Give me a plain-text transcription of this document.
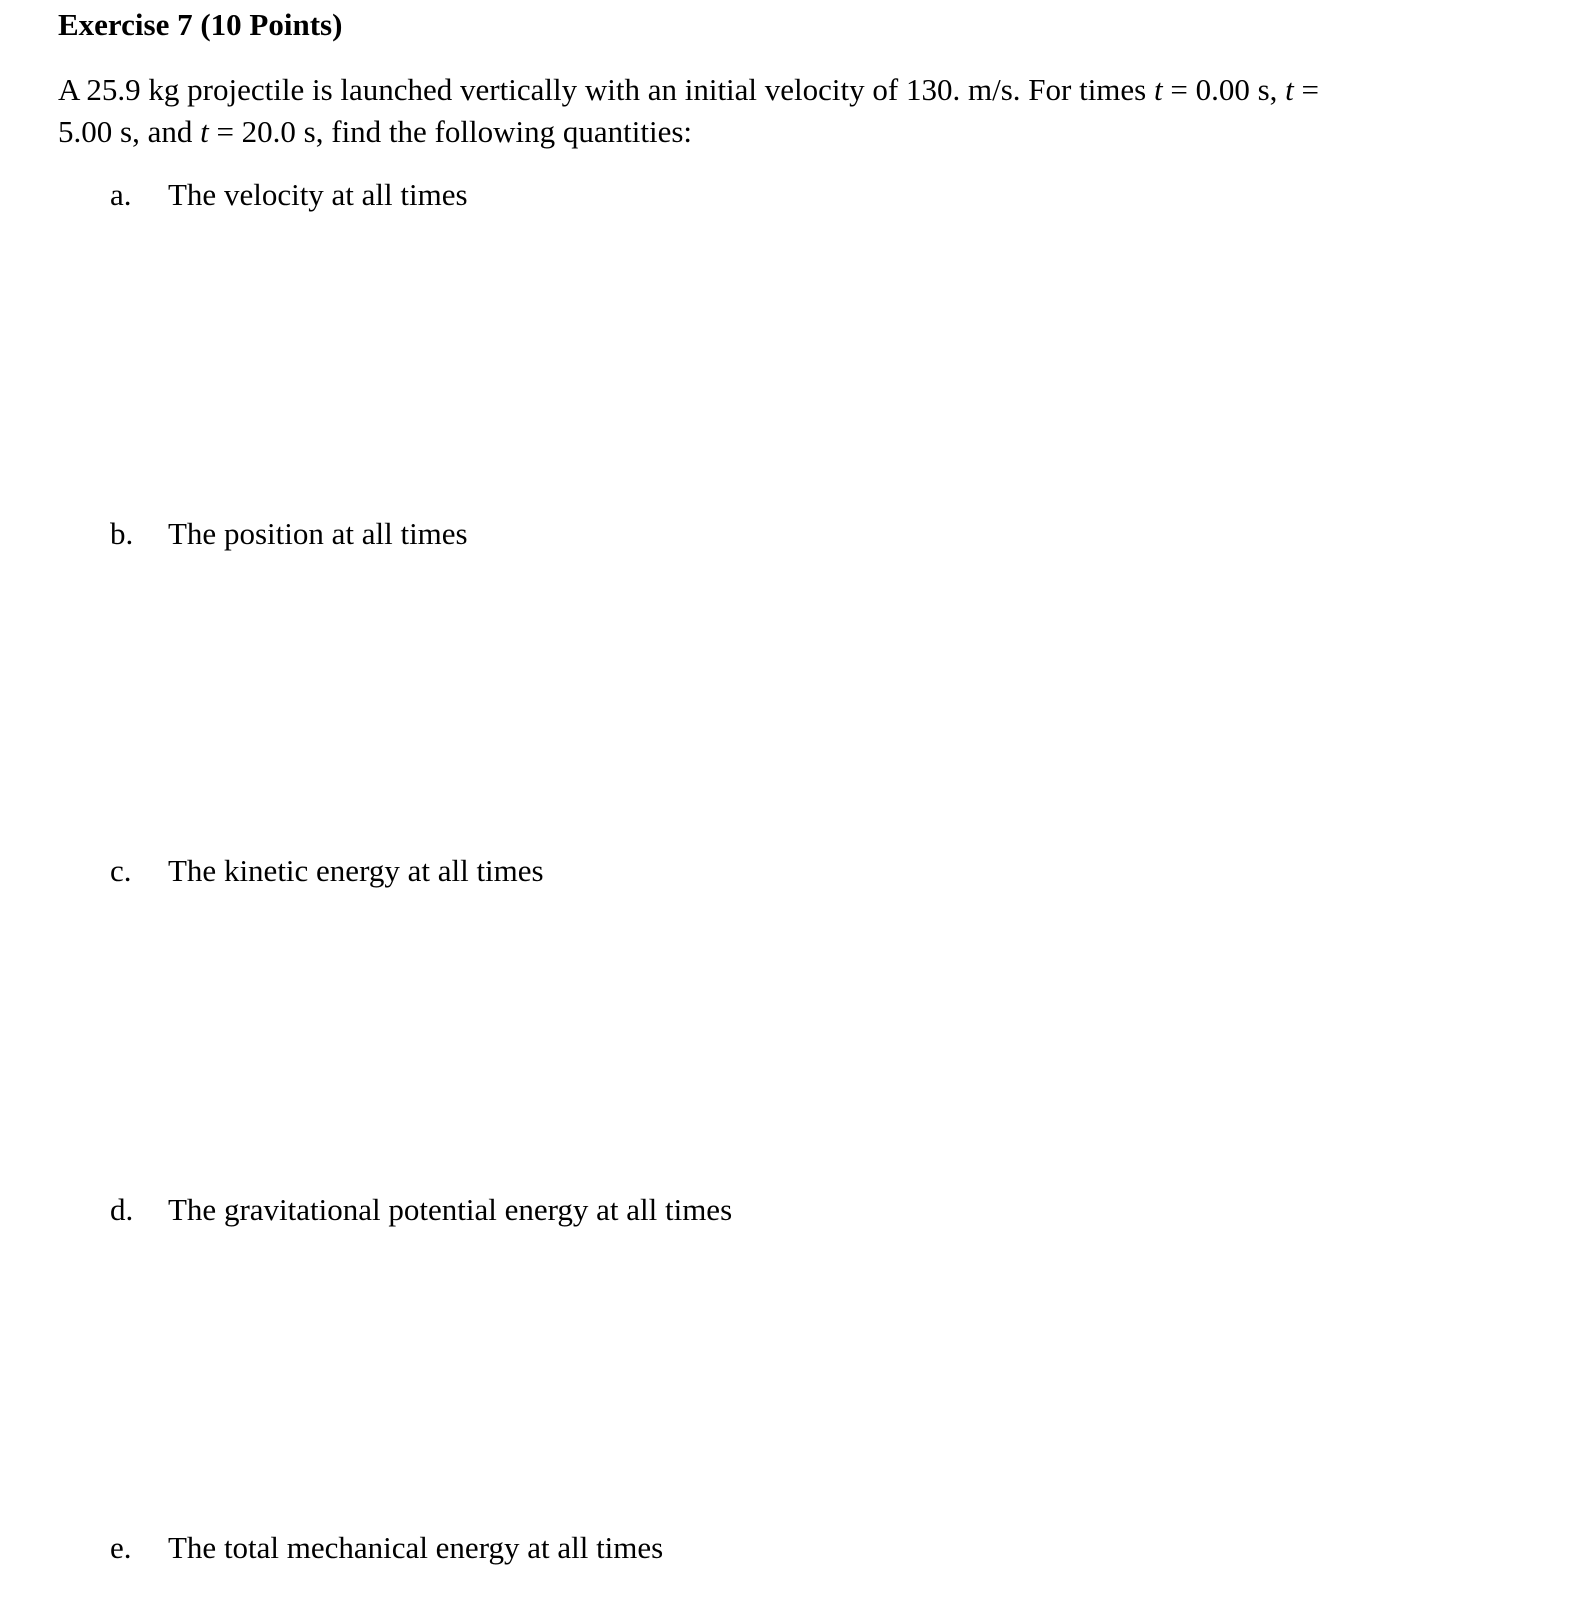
Exercise 7 (10 Points)
A 25.9 kg projectile is launched vertically with an initial velocity of 130. m/s. For times t = 0.00 s, t =
5.00 s, and t = 20.0 s, find the following quantities:
a. The velocity at all times
b. The position at all times
c. The kinetic energy at all times
d. The gravitational potential energy at all times
e. The total mechanical energy at all times
